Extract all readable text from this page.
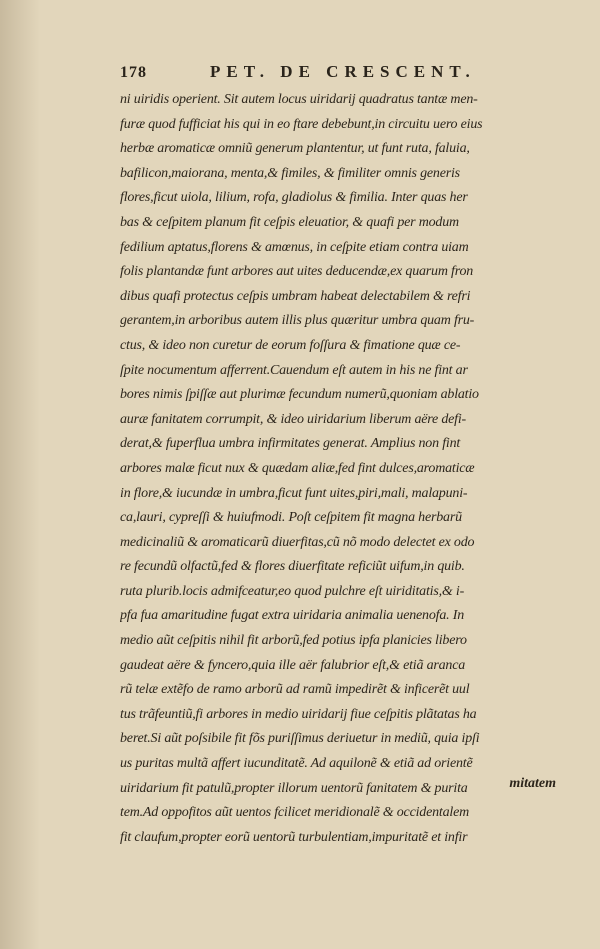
178	PET. DE CRESCENT.
ni uiridis operient. Sit autem locus uiridarij quadratus tantæ men-
furæ quod fufficiat his qui in eo ftare debebunt,in circuitu uero eius
herbæ aromaticæ omniũ generum plantentur, ut funt ruta, faluia,
bafilicon,maiorana, menta,& fimiles, & fimiliter omnis generis
flores,ficut uiola, lilium, rofa, gladiolus & fimilia. Inter quas her
bas & ceſpitem planum fit ceſpis eleuatior, & quafi per modum
fedilium aptatus,florens & amœnus, in ceſpite etiam contra uiam
folis plantandæ funt arbores aut uites deducendæ,ex quarum fron
dibus quafi protectus ceſpis umbram habeat delectabilem & refri
gerantem,in arboribus autem illis plus quæritur umbra quam fru-
ctus, & ideo non curetur de eorum foſſura & fimatione quæ ce-
ſpite nocumentum afferrent.Cauendum eſt autem in his ne fint ar
bores nimis ſpiſſæ aut plurimæ fecundum numerũ,quoniam ablatio
auræ fanitatem corrumpit, & ideo uiridarium liberum aëre defi-
derat,& fuperflua umbra infirmitates generat. Amplius non fint
arbores malæ ficut nux & quædam aliæ,fed fint dulces,aromaticæ
in flore,& iucundæ in umbra,ficut funt uites,piri,mali, malapuni-
ca,lauri, cypreſſi & huiufmodi. Poſt ceſpitem fit magna herbarũ
medicinaliũ & aromaticarũ diuerfitas,cũ nõ modo delectet ex odo
re fecundũ olfactũ,fed & flores diuerfitate reficiũt uifum,in quib.
ruta plurib.locis admifceatur,eo quod pulchre eſt uiriditatis,& i-
pfa fua amaritudine fugat extra uiridaria animalia uenenofa. In
medio aũt ceſpitis nihil fit arborũ,fed potius ipfa planicies libero
gaudeat aëre & fyncero,quia ille aër falubrior eſt,& etiã aranca
rũ telæ extẽfo de ramo arborũ ad ramũ impedirẽt & inficerẽt uul
tus trãfeuntiũ,fi arbores in medio uiridarij fiue ceſpitis plãtatas ha
beret.Si aũt poſsibile fit fõs puriſſimus deriuetur in mediũ, quia ipſi
us puritas multã affert iucunditatẽ. Ad aquilonẽ & etiã ad orientẽ
uiridarium fit patulũ,propter illorum uentorũ fanitatem & purita
tem.Ad oppofitos aũt uentos fcilicet meridionalẽ & occidentalem
fit claufum,propter eorũ uentorũ turbulentiam,impuritatẽ et infir
mitatem
